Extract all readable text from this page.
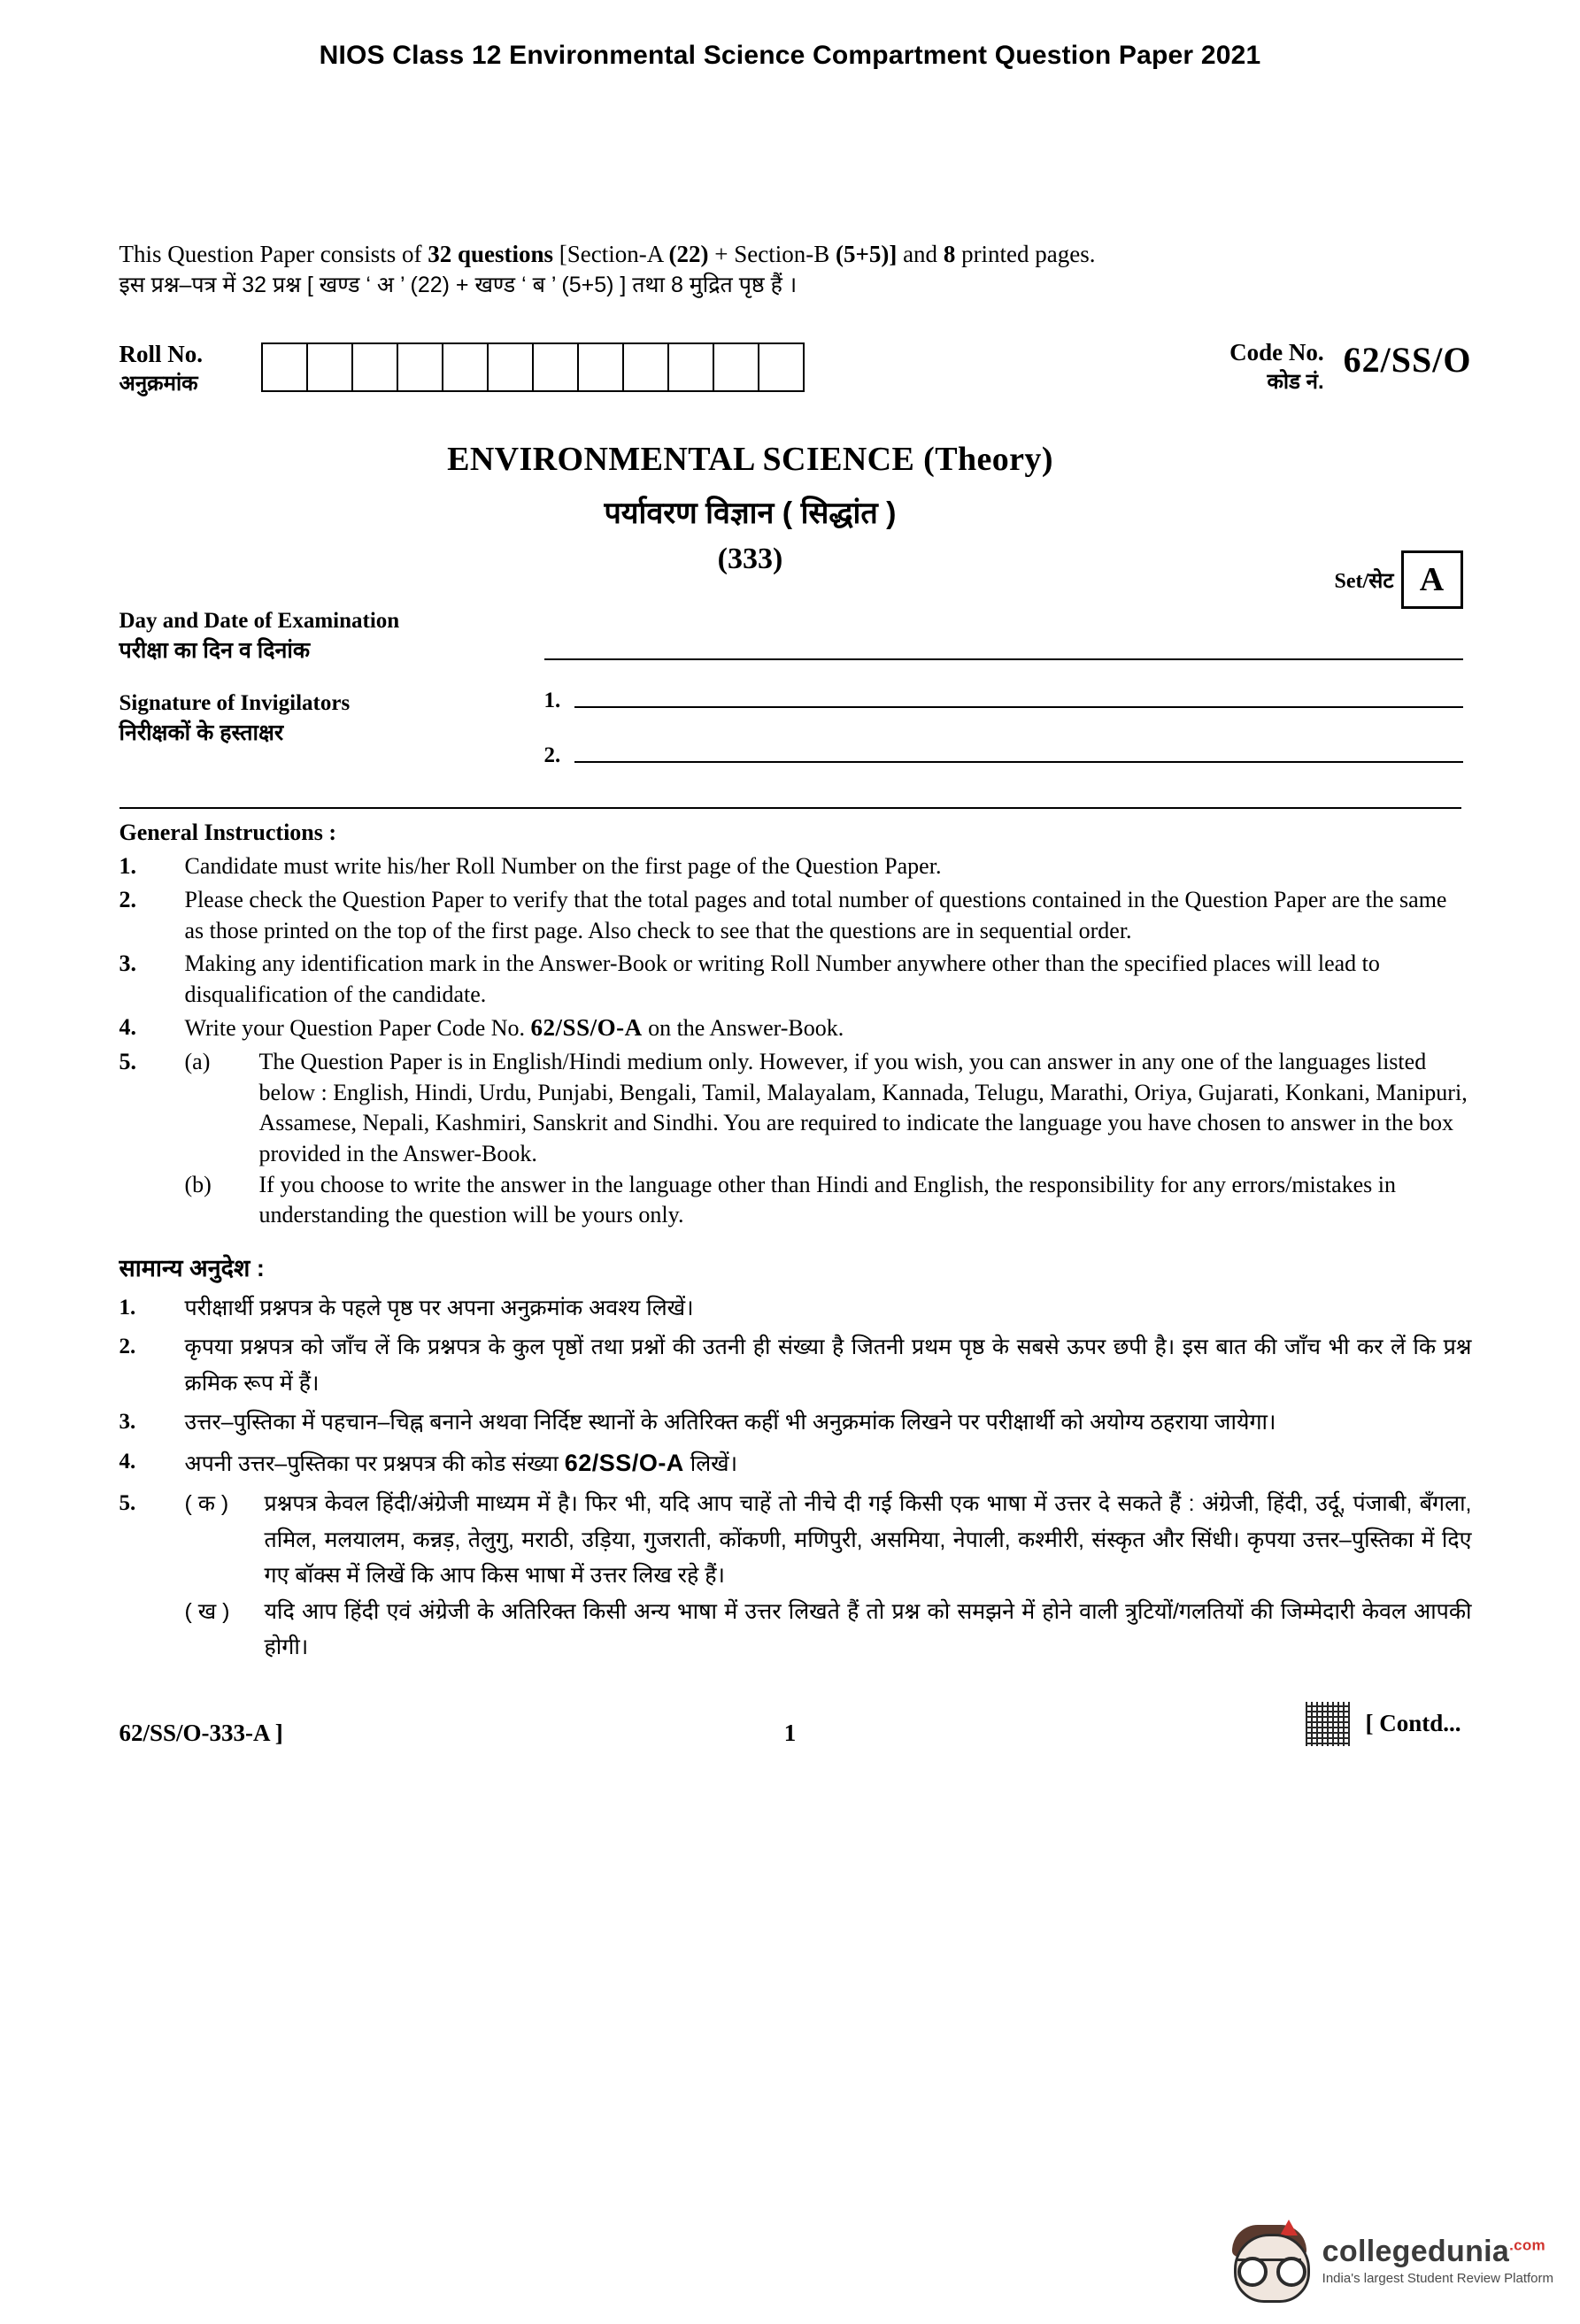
NIOS Class 12 Environmental Science Compartment Question Paper 2021
This Question Paper consists of 32 questions [Section-A (22) + Section-B (5+5)] and 8 printed pages.
इस प्रश्न–पत्र में 32 प्रश्न [ खण्ड ‘ अ ’ (22) + खण्ड ‘ ब ’ (5+5) ] तथा 8 मुद्रित पृष्ठ हैं ।
Roll No.
अनुक्रमांक
Code No.
कोड नं.
62/SS/O
ENVIRONMENTAL SCIENCE (Theory)
पर्यावरण विज्ञान ( सिद्धांत )
(333)
Set/सेट A
Day and Date of Examination
परीक्षा का दिन व दिनांक
Signature of Invigilators
निरीक्षकों के हस्ताक्षर
1.
2.
General Instructions :
1.	Candidate must write his/her Roll Number on the first page of the Question Paper.
2.	Please check the Question Paper to verify that the total pages and total number of questions contained in the Question Paper are the same as those printed on the top of the first page. Also check to see that the questions are in sequential order.
3.	Making any identification mark in the Answer-Book or writing Roll Number anywhere other than the specified places will lead to disqualification of the candidate.
4.	Write your Question Paper Code No. 62/SS/O-A on the Answer-Book.
5.	(a)	The Question Paper is in English/Hindi medium only. However, if you wish, you can answer in any one of the languages listed below : English, Hindi, Urdu, Punjabi, Bengali, Tamil, Malayalam, Kannada, Telugu, Marathi, Oriya, Gujarati, Konkani, Manipuri, Assamese, Nepali, Kashmiri, Sanskrit and Sindhi. You are required to indicate the language you have chosen to answer in the box provided in the Answer-Book.
(b)	If you choose to write the answer in the language other than Hindi and English, the responsibility for any errors/mistakes in understanding the question will be yours only.
सामान्य अनुदेश :
1.	परीक्षार्थी प्रश्नपत्र के पहले पृष्ठ पर अपना अनुक्रमांक अवश्य लिखें।
2.	कृपया प्रश्नपत्र को जाँच लें कि प्रश्नपत्र के कुल पृष्ठों तथा प्रश्नों की उतनी ही संख्या है जितनी प्रथम पृष्ठ के सबसे ऊपर छपी है। इस बात की जाँच भी कर लें कि प्रश्न क्रमिक रूप में हैं।
3.	उत्तर–पुस्तिका में पहचान–चिह्न बनाने अथवा निर्दिष्ट स्थानों के अतिरिक्त कहीं भी अनुक्रमांक लिखने पर परीक्षार्थी को अयोग्य ठहराया जायेगा।
4.	अपनी उत्तर–पुस्तिका पर प्रश्नपत्र की कोड संख्या 62/SS/O-A लिखें।
5.	( क )	प्रश्नपत्र केवल हिंदी/अंग्रेजी माध्यम में है। फिर भी, यदि आप चाहें तो नीचे दी गई किसी एक भाषा में उत्तर दे सकते हैं : अंग्रेजी, हिंदी, उर्दू, पंजाबी, बँगला, तमिल, मलयालम, कन्नड़, तेलुगु, मराठी, उड़िया, गुजराती, कोंकणी, मणिपुरी, असमिया, नेपाली, कश्मीरी, संस्कृत और सिंधी। कृपया उत्तर–पुस्तिका में दिए गए बॉक्स में लिखें कि आप किस भाषा में उत्तर लिख रहे हैं।
( ख )	यदि आप हिंदी एवं अंग्रेजी के अतिरिक्त किसी अन्य भाषा में उत्तर लिखते हैं तो प्रश्न को समझने में होने वाली त्रुटियों/गलतियों की जिम्मेदारी केवल आपकी होगी।
62/SS/O-333-A ]	1	[ Contd...
collegedunia$^{.com}$
India's largest Student Review Platform
